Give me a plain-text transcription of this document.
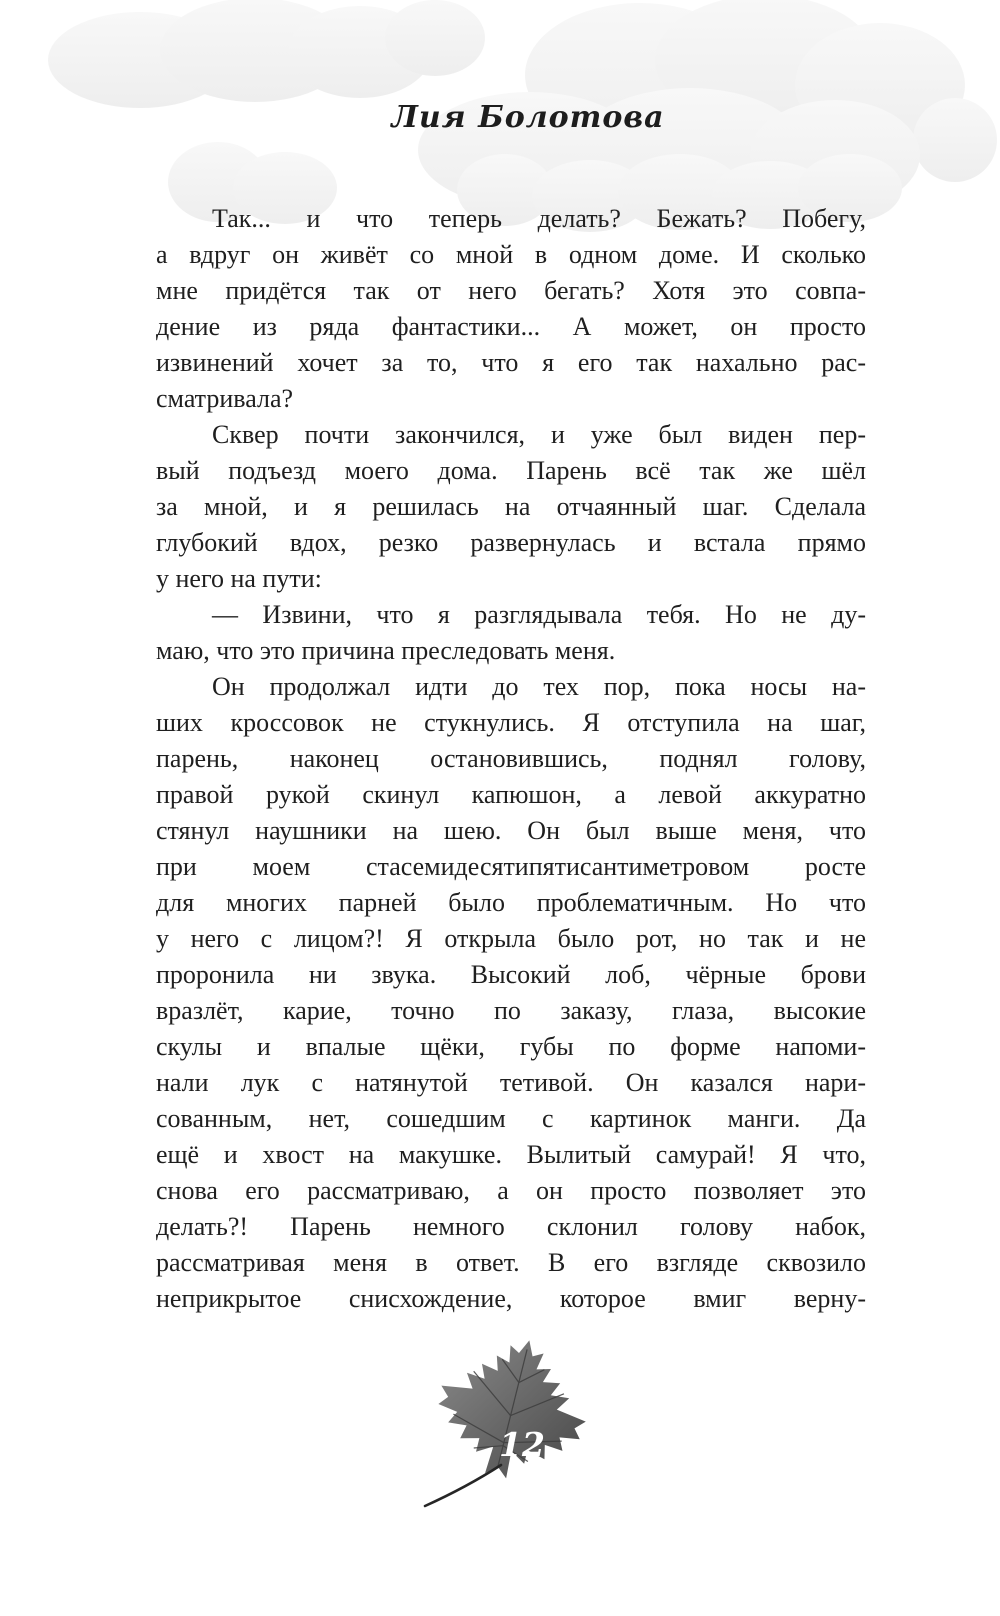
Лия Болотова
Так... и что теперь делать? Бежать? Побегу,
а вдруг он живёт со мной в одном доме. И сколько
мне придётся так от него бегать? Хотя это совпа-
дение из ряда фантастики... А может, он просто
извинений хочет за то, что я его так нахально рас-
сматривала?
Сквер почти закончился, и уже был виден пер-
вый подъезд моего дома. Парень всё так же шёл
за мной, и я решилась на отчаянный шаг. Сделала
глубокий вдох, резко развернулась и встала прямо
у него на пути:
— Извини, что я разглядывала тебя. Но не ду-
маю, что это причина преследовать меня.
Он продолжал идти до тех пор, пока носы на-
ших кроссовок не стукнулись. Я отступила на шаг,
парень, наконец остановившись, поднял голову,
правой рукой скинул капюшон, а левой аккуратно
стянул наушники на шею. Он был выше меня, что
при моем стасемидесятипятисантиметровом росте
для многих парней было проблематичным. Но что
у него с лицом?! Я открыла было рот, но так и не
проронила ни звука. Высокий лоб, чёрные брови
вразлёт, карие, точно по заказу, глаза, высокие
скулы и впалые щёки, губы по форме напоми-
нали лук с натянутой тетивой. Он казался нари-
сованным, нет, сошедшим с картинок манги. Да
ещё и хвост на макушке. Вылитый самурай! Я что,
снова его рассматриваю, а он просто позволяет это
делать?! Парень немного склонил голову набок,
рассматривая меня в ответ. В его взгляде сквозило
неприкрытое снисхождение, которое вмиг верну-
12
